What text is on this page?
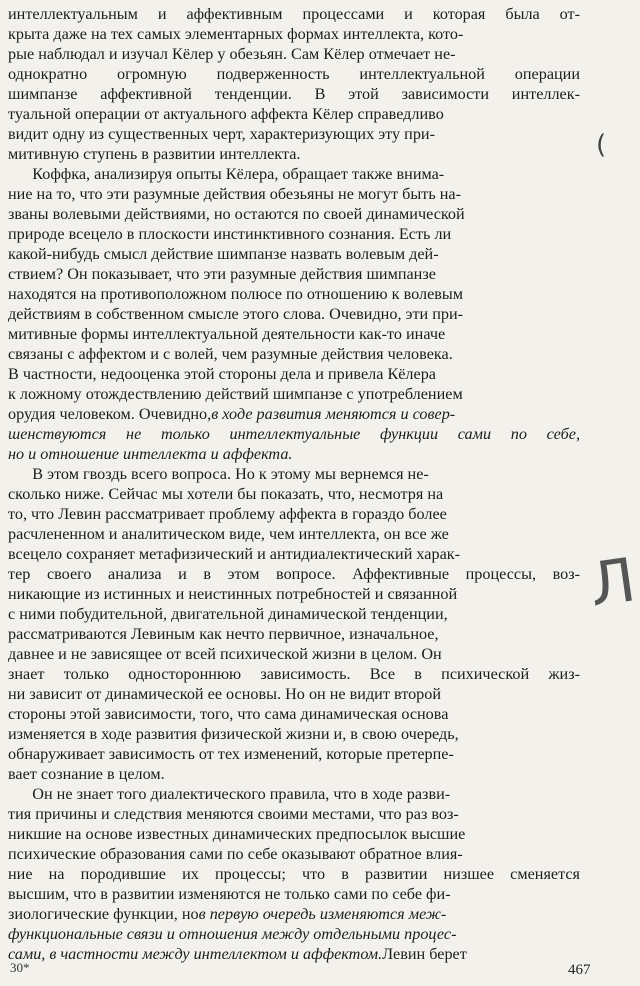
интеллектуальным и аффективным процессами и которая была от-
крыта даже на тех самых элементарных формах интеллекта, кото-
рые наблюдал и изучал Кёлер у обезьян. Сам Кёлер отмечает не-
однократно огромную подверженность интеллектуальной операции
шимпанзе аффективной тенденции. В этой зависимости интеллек-
туальной операции от актуального аффекта Кёлер справедливо
видит одну из существенных черт, характеризующих эту при-
митивную ступень в развитии интеллекта.
  Коффка, анализируя опыты Кёлера, обращает также внима-
ние на то, что эти разумные действия обезьяны не могут быть на-
званы волевыми действиями, но остаются по своей динамической
природе всецело в плоскости инстинктивного сознания. Есть ли
какой-нибудь смысл действие шимпанзе назвать волевым дей-
ствием? Он показывает, что эти разумные действия шимпанзе
находятся на противоположном полюсе по отношению к волевым
действиям в собственном смысле этого слова. Очевидно, эти при-
митивные формы интеллектуальной деятельности как-то иначе
связаны с аффектом и с волей, чем разумные действия человека.
В частности, недооценка этой стороны дела и привела Кёлера
к ложному отождествлению действий шимпанзе с употреблением
орудия человеком. Очевидно,в ходе развития меняются и совер-
шенствуются не только интеллектуальные функции сами по себе,
но и отношение интеллекта и аффекта.
  В этом гвоздь всего вопроса. Но к этому мы вернемся не-
сколько ниже. Сейчас мы хотели бы показать, что, несмотря на
то, что Левин рассматривает проблему аффекта в гораздо более
расчлененном и аналитическом виде, чем интеллекта, он все же
всецело сохраняет метафизический и антидиалектический харак-
тер своего анализа и в этом вопросе. Аффективные процессы, воз-
никающие из истинных и неистинных потребностей и связанной
с ними побудительной, двигательной динамической тенденции,
рассматриваются Левиным как нечто первичное, изначальное,
давнее и не зависящее от всей психической жизни в целом. Он
знает только одностороннюю зависимость. Все в психической жиз-
ни зависит от динамической ее основы. Но он не видит второй
стороны этой зависимости, того, что сама динамическая основа
изменяется в ходе развития физической жизни и, в свою очередь,
обнаруживает зависимость от тех изменений, которые претерпе-
вает сознание в целом.
  Он не знает того диалектического правила, что в ходе разви-
тия причины и следствия меняются своими местами, что раз воз-
никшие на основе известных динамических предпосылок высшие
психические образования сами по себе оказывают обратное влия-
ние на породившие их процессы; что в развитии низшее сменяется
высшим, что в развитии изменяются не только сами по себе фи-
зиологические функции, нов первую очередь изменяются меж-
функциональные связи и отношения между отдельными процес-
сами, в частности между интеллектом и аффектом.Левин берет
30*	467
Л
(
